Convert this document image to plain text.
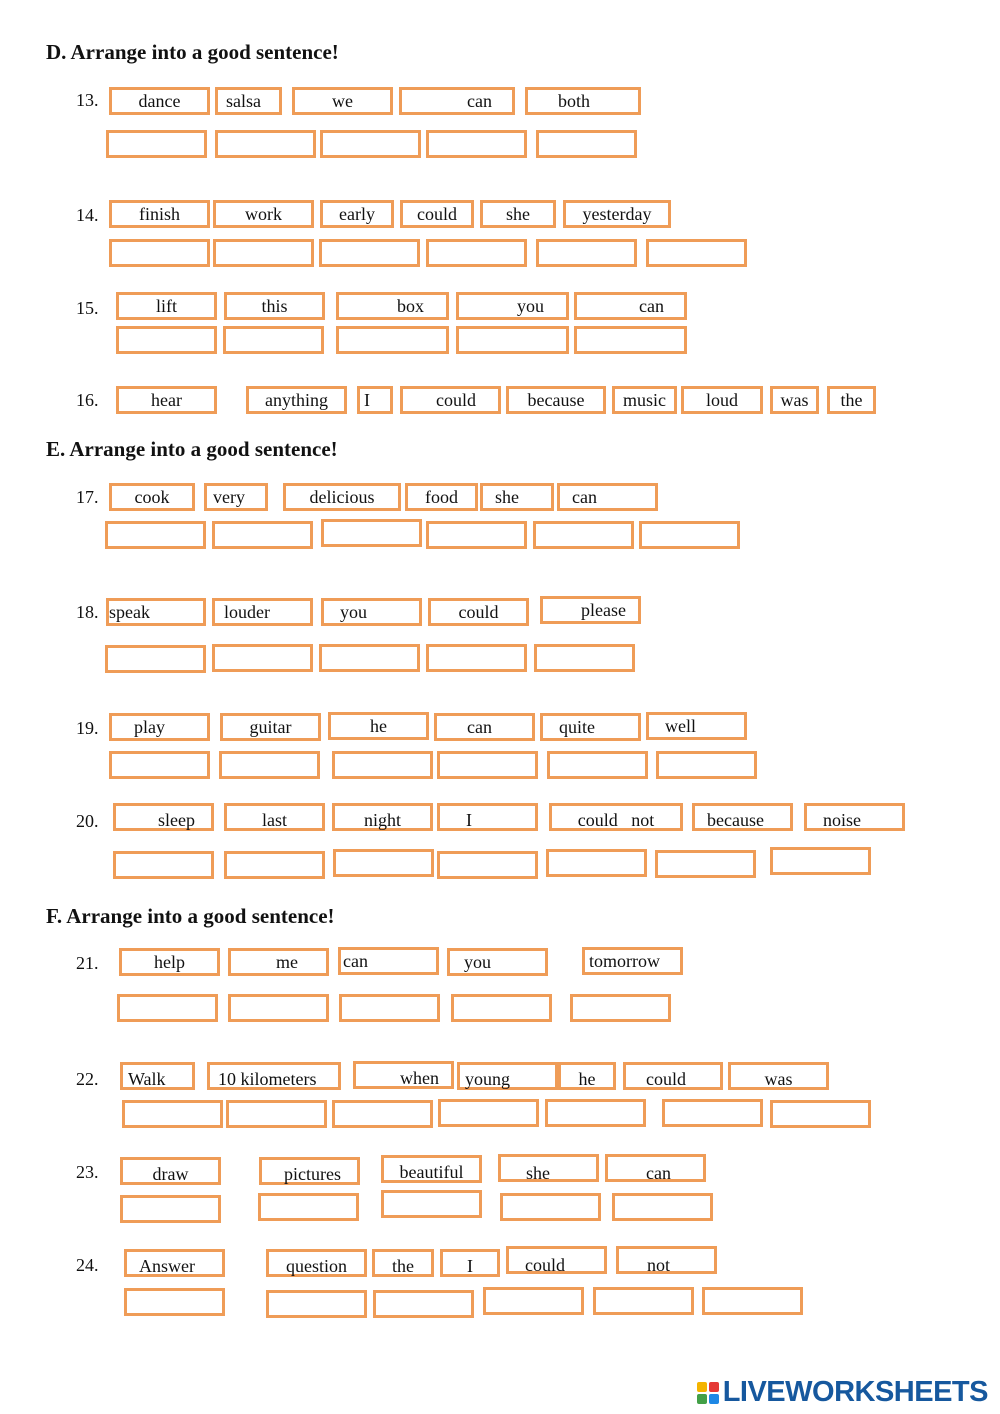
D. Arrange into a good sentence!
E. Arrange into a good sentence!
F. Arrange into a good sentence!
13.	dance	salsa	we	can	both
14.	finish	work	early	could	she	yesterday
15.	lift	this	box	you	can
16.	hear	anything	I	could	because	music	loud	was	the
17.	cook	very	delicious	food	she	can
18. speak	louder	you	could	please
19.	play	guitar	he	can	quite	well
20.	sleep	last	night	I	could   not	because	noise
21.	help	me	can	you	tomorrow
22.	Walk	10 kilometers	when	young	he	could	was
23.	draw	pictures	beautiful	she	can
24.	Answer	question	the	I	could	not
LIVEWORKSHEETS
